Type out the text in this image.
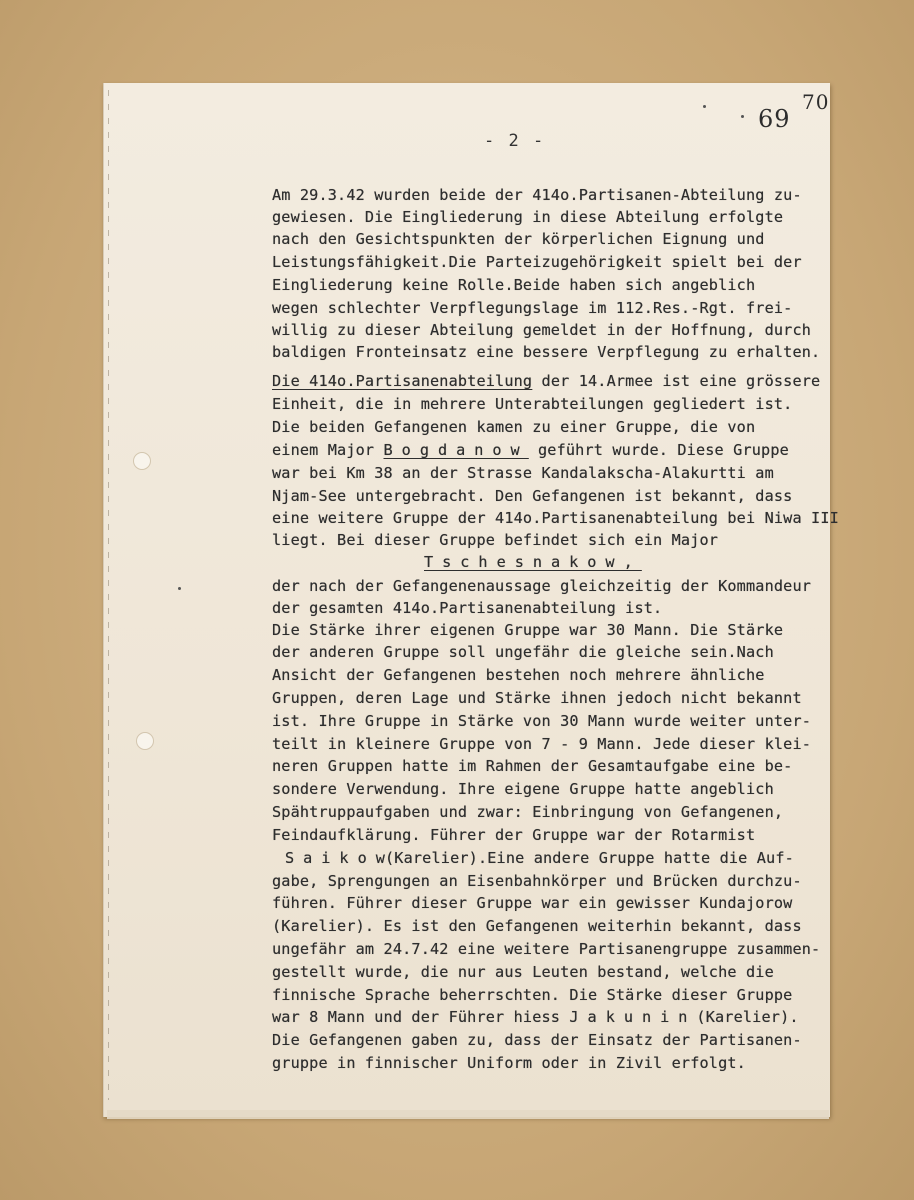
69
70
- 2 -
Am 29.3.42 wurden beide der 414o.Partisanen-Abteilung zu-
gewiesen. Die Eingliederung in diese Abteilung erfolgte
nach den Gesichtspunkten der körperlichen Eignung und
Leistungsfähigkeit.Die Parteizugehörigkeit spielt bei der
Eingliederung keine Rolle.Beide haben sich angeblich
wegen schlechter Verpflegungslage im 112.Res.-Rgt. frei-
willig zu dieser Abteilung gemeldet in der Hoffnung, durch
baldigen Fronteinsatz eine bessere Verpflegung zu erhalten.
Die 414o.Partisanenabteilung der 14.Armee ist eine grössere
Einheit, die in mehrere Unterabteilungen gegliedert ist.
Die beiden Gefangenen kamen zu einer Gruppe, die von
einem Major Bogdanow geführt wurde. Diese Gruppe
war bei Km 38 an der Strasse Kandalakscha-Alakurtti am
Njam-See untergebracht. Den Gefangenen ist bekannt, dass
eine weitere Gruppe der 414o.Partisanenabteilung bei Niwa III
liegt. Bei dieser Gruppe befindet sich ein Major
Tschesnakow,
der nach der Gefangenenaussage gleichzeitig der Kommandeur
der gesamten 414o.Partisanenabteilung ist.
Die Stärke ihrer eigenen Gruppe war 30 Mann. Die Stärke
der anderen Gruppe soll ungefähr die gleiche sein.Nach
Ansicht der Gefangenen bestehen noch mehrere ähnliche
Gruppen, deren Lage und Stärke ihnen jedoch nicht bekannt
ist. Ihre Gruppe in Stärke von 30 Mann wurde weiter unter-
teilt in kleinere Gruppe von 7 - 9 Mann. Jede dieser klei-
neren Gruppen hatte im Rahmen der Gesamtaufgabe eine be-
sondere Verwendung. Ihre eigene Gruppe hatte angeblich
Spähtruppaufgaben und zwar: Einbringung von Gefangenen,
Feindaufklärung. Führer der Gruppe war der Rotarmist
Saikow(Karelier).Eine andere Gruppe hatte die Auf-
gabe, Sprengungen an Eisenbahnkörper und Brücken durchzu-
führen. Führer dieser Gruppe war ein gewisser Kundajorow
(Karelier). Es ist den Gefangenen weiterhin bekannt, dass
ungefähr am 24.7.42 eine weitere Partisanengruppe zusammen-
gestellt wurde, die nur aus Leuten bestand, welche die
finnische Sprache beherrschten. Die Stärke dieser Gruppe
war 8 Mann und der Führer hiess Jakunin(Karelier).
Die Gefangenen gaben zu, dass der Einsatz der Partisanen-
gruppe in finnischer Uniform oder in Zivil erfolgt.
